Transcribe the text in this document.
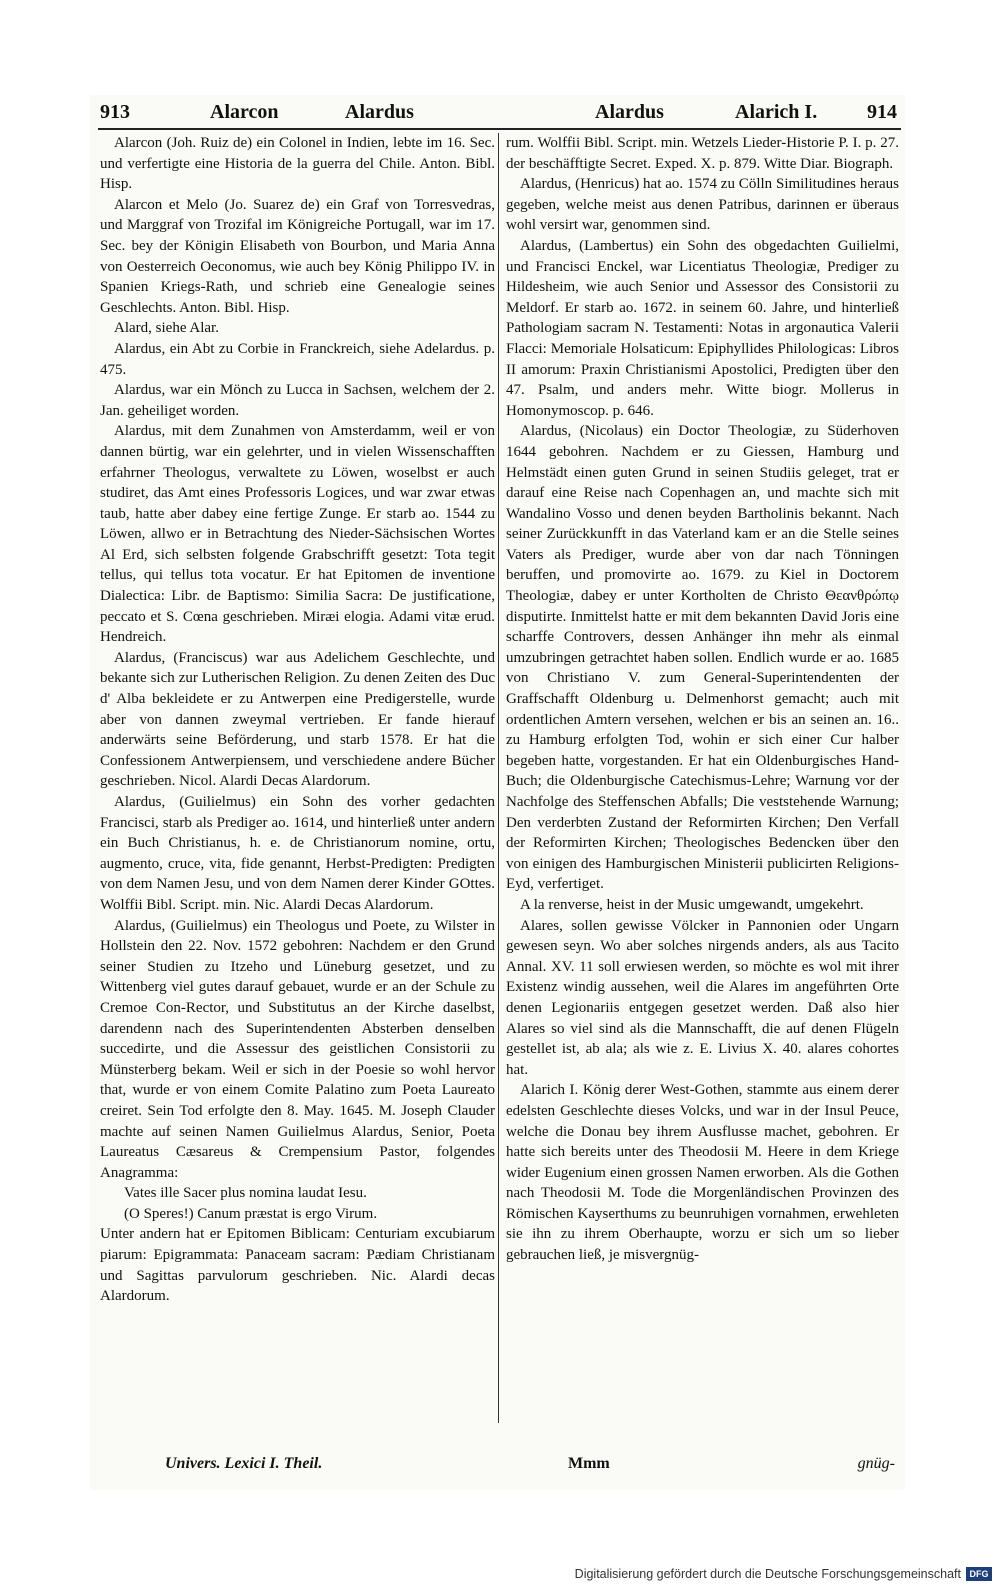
913	Alarcon	Alardus	Alardus	Alarich I. 914

Alarcon (Joh. Ruiz de) ein Colonel in Indien, lebte im 16. Sec. und verfertigte eine Historia de la guerra del Chile. Anton. Bibl. Hisp.

Alarcon et Melo (Jo. Suarez de) ein Graf von Torresvedras, und Marggraf von Trozifal im Königreiche Portugall, war im 17. Sec. bey der Königin Elisabeth von Bourbon, und Maria Anna von Oesterreich Oeconomus, wie auch bey König Philippo IV. in Spanien Kriegs-Rath, und schrieb eine Genealogie seines Geschlechts. Anton. Bibl. Hisp.

Alard, siehe Alar.

Alardus, ein Abt zu Corbie in Franckreich, siehe Adelardus. p. 475.

Alardus, war ein Mönch zu Lucca in Sachsen, welchem der 2. Jan. geheiliget worden.

Alardus, mit dem Zunahmen von Amsterdamm, weil er von dannen bürtig, war ein gelehrter, und in vielen Wissenschafften erfahrner Theologus, verwaltete zu Löwen, woselbst er auch studiret, das Amt eines Professoris Logices, und war zwar etwas taub, hatte aber dabey eine fertige Zunge. Er starb ao. 1544 zu Löwen, allwo er in Betrachtung des Nieder-Sächsischen Wortes Al Erd, sich selbsten folgende Grabschrifft gesetzt: Tota tegit tellus, qui tellus tota vocatur. Er hat Epitomen de inventione Dialectica: Libr. de Baptismo: Similia Sacra: De justificatione, peccato et S. Cœna geschrieben. Miræi elogia. Adami vitæ erud. Hendreich.

Alardus, (Franciscus) war aus Adelichem Geschlechte, und bekante sich zur Lutherischen Religion. Zu denen Zeiten des Duc d' Alba bekleidete er zu Antwerpen eine Predigerstelle, wurde aber von dannen zweymal vertrieben. Er fande hierauf anderwärts seine Beförderung, und starb 1578. Er hat die Confessionem Antwerpiensem, und verschiedene andere Bücher geschrieben. Nicol. Alardi Decas Alardorum.

Alardus, (Guilielmus) ein Sohn des vorher gedachten Francisci, starb als Prediger ao. 1614, und hinterließ unter andern ein Buch Christianus, h. e. de Christianorum nomine, ortu, augmento, cruce, vita, fide genannt, Herbst-Predigten: Predigten von dem Namen Jesu, und von dem Namen derer Kinder GOttes. Wolffii Bibl. Script. min. Nic. Alardi Decas Alardorum.

Alardus, (Guilielmus) ein Theologus und Poete, zu Wilster in Hollstein den 22. Nov. 1572 gebohren: Nachdem er den Grund seiner Studien zu Itzeho und Lüneburg gesetzet, und zu Wittenberg viel gutes darauf gebauet, wurde er an der Schule zu Cremoe Con-Rector, und Substitutus an der Kirche daselbst, darendenn nach des Superintendenten Absterben denselben succedirte, und die Assessur des geistlichen Consistorii zu Münsterberg bekam. Weil er sich in der Poesie so wohl hervor that, wurde er von einem Comite Palatino zum Poeta Laureato creiret. Sein Tod erfolgte den 8. May. 1645. M. Joseph Clauder machte auf seinen Namen Guilielmus Alardus, Senior, Poeta Laureatus Cæsareus & Crempensium Pastor, folgendes Anagramma:

Vates ille Sacer plus nomina laudat Iesu.

(O Speres!) Canum præstat is ergo Virum.

Unter andern hat er Epitomen Biblicam: Centuriam excubiarum piarum: Epigrammata: Panaceam sacram: Pædiam Christianam und Sagittas parvulorum geschrieben. Nic. Alardi decas Alardorum.

rum. Wolffii Bibl. Script. min. Wetzels Lieder-Historie P. I. p. 27. der beschäfftigte Secret. Exped. X. p. 879. Witte Diar. Biograph.

Alardus, (Henricus) hat ao. 1574 zu Cölln Similitudines heraus gegeben, welche meist aus denen Patribus, darinnen er überaus wohl versirt war, genommen sind.

Alardus, (Lambertus) ein Sohn des obgedachten Guilielmi, und Francisci Enckel, war Licentiatus Theologiæ, Prediger zu Hildesheim, wie auch Senior und Assessor des Consistorii zu Meldorf. Er starb ao. 1672. in seinem 60. Jahre, und hinterließ Pathologiam sacram N. Testamenti: Notas in argonautica Valerii Flacci: Memoriale Holsaticum: Epiphyllides Philologicas: Libros II amorum: Praxin Christianismi Apostolici, Predigten über den 47. Psalm, und anders mehr. Witte biogr. Mollerus in Homonymoscop. p. 646.

Alardus, (Nicolaus) ein Doctor Theologiæ, zu Süderhoven 1644 gebohren. Nachdem er zu Giessen, Hamburg und Helmstädt einen guten Grund in seinen Studiis geleget, trat er darauf eine Reise nach Copenhagen an, und machte sich mit Wandalino Vosso und denen beyden Bartholinis bekannt. Nach seiner Zurückkunfft in das Vaterland kam er an die Stelle seines Vaters als Prediger, wurde aber von dar nach Tönningen beruffen, und promovirte ao. 1679. zu Kiel in Doctorem Theologiæ, dabey er unter Kortholten de Christo Θεανθρώπῳ disputirte. Inmittelst hatte er mit dem bekannten David Joris eine scharffe Controvers, dessen Anhänger ihn mehr als einmal umzubringen getrachtet haben sollen. Endlich wurde er ao. 1685 von Christiano V. zum General-Superintendenten der Graffschafft Oldenburg u. Delmenhorst gemacht; auch mit ordentlichen Amtern versehen, welchen er bis an seinen an. 16.. zu Hamburg erfolgten Tod, wohin er sich einer Cur halber begeben hatte, vorgestanden. Er hat ein Oldenburgisches Hand-Buch; die Oldenburgische Catechismus-Lehre; Warnung vor der Nachfolge des Steffenschen Abfalls; Die veststehende Warnung; Den verderbten Zustand der Reformirten Kirchen; Den Verfall der Reformirten Kirchen; Theologisches Bedencken über den von einigen des Hamburgischen Ministerii publicirten Religions-Eyd, verfertiget.

A la renverse, heist in der Music umgewandt, umgekehrt.

Alares, sollen gewisse Völcker in Pannonien oder Ungarn gewesen seyn. Wo aber solches nirgends anders, als aus Tacito Annal. XV. 11 soll erwiesen werden, so möchte es wol mit ihrer Existenz windig aussehen, weil die Alares im angeführten Orte denen Legionariis entgegen gesetzet werden. Daß also hier Alares so viel sind als die Mannschafft, die auf denen Flügeln gestellet ist, ab ala; als wie z. E. Livius X. 40. alares cohortes hat.

Alarich I. König derer West-Gothen, stammte aus einem derer edelsten Geschlechte dieses Volcks, und war in der Insul Peuce, welche die Donau bey ihrem Ausflusse machet, gebohren. Er hatte sich bereits unter des Theodosii M. Heere in dem Kriege wider Eugenium einen grossen Namen erworben. Als die Gothen nach Theodosii M. Tode die Morgenländischen Provinzen des Römischen Kayserthums zu beunruhigen vornahmen, erwehleten sie ihn zu ihrem Oberhaupte, worzu er sich um so lieber gebrauchen ließ, je misvergnüg-

Univers. Lexici I. Theil.	Mmm	gnüg-
Digitalisierung gefördert durch die Deutsche Forschungsgemeinschaft DFG
